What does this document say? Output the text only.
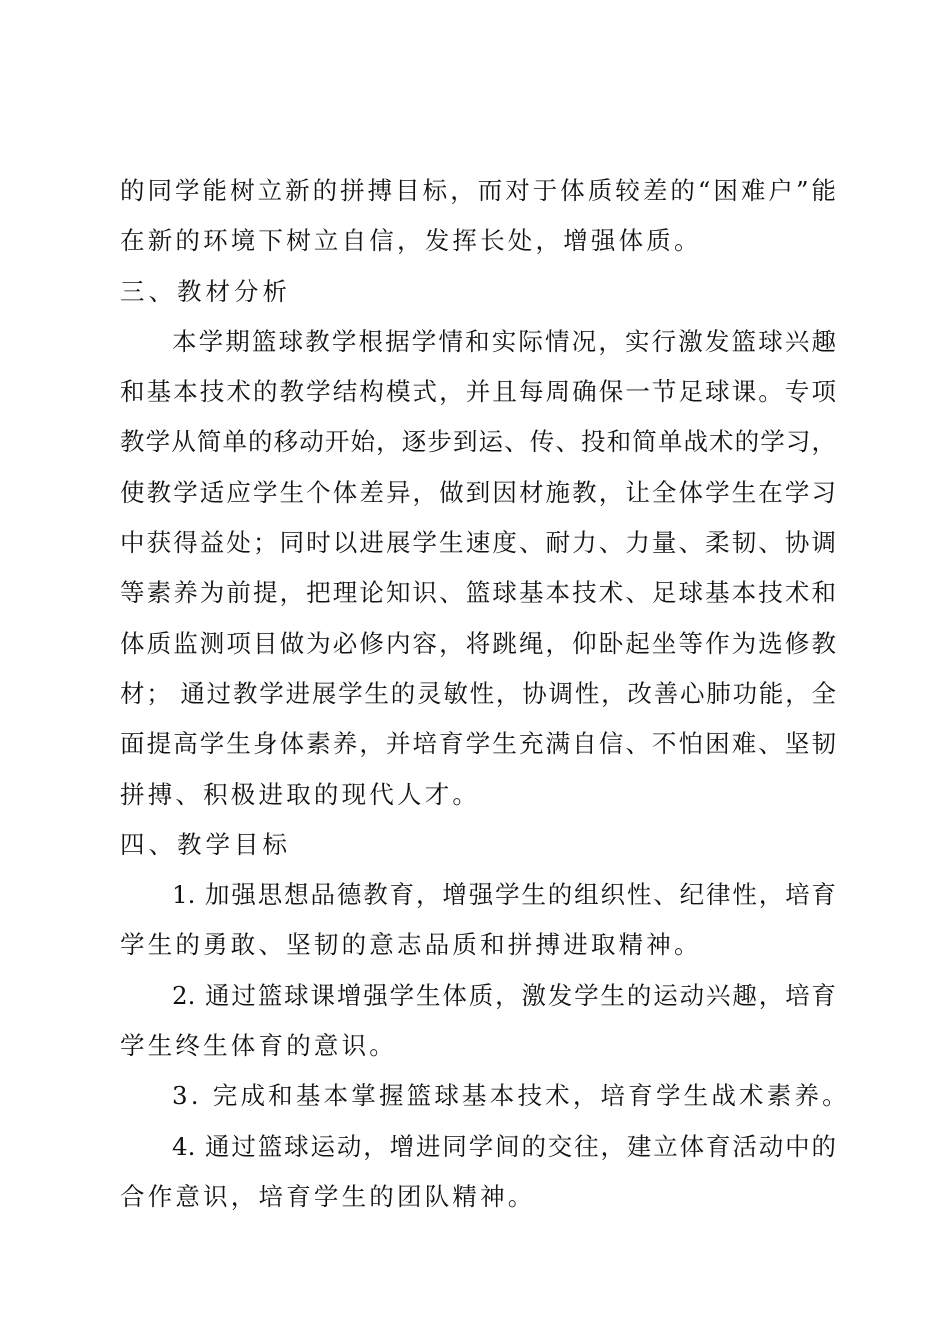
的同学能树立新的拼搏目标，而对于体质较差的“困难户”能
在新的环境下树立自信，发挥长处，增强体质。
三、教材分析
本学期篮球教学根据学情和实际情况，实行激发篮球兴趣
和基本技术的教学结构模式，并且每周确保一节足球课。专项
教学从简单的移动开始，逐步到运、传、投和简单战术的学习，
使教学适应学生个体差异，做到因材施教，让全体学生在学习
中获得益处；同时以进展学生速度、耐力、力量、柔韧、协调
等素养为前提，把理论知识、篮球基本技术、足球基本技术和
体质监测项目做为必修内容，将跳绳，仰卧起坐等作为选修教
材； 通过教学进展学生的灵敏性，协调性，改善心肺功能，全
面提高学生身体素养，并培育学生充满自信、不怕困难、坚韧
拼搏、积极进取的现代人才。
四、教学目标
1. 加强思想品德教育，增强学生的组织性、纪律性，培育
学生的勇敢、坚韧的意志品质和拼搏进取精神。
2. 通过篮球课增强学生体质，激发学生的运动兴趣，培育
学生终生体育的意识。
3. 完成和基本掌握篮球基本技术，培育学生战术素养。
4. 通过篮球运动，增进同学间的交往，建立体育活动中的
合作意识，培育学生的团队精神。
